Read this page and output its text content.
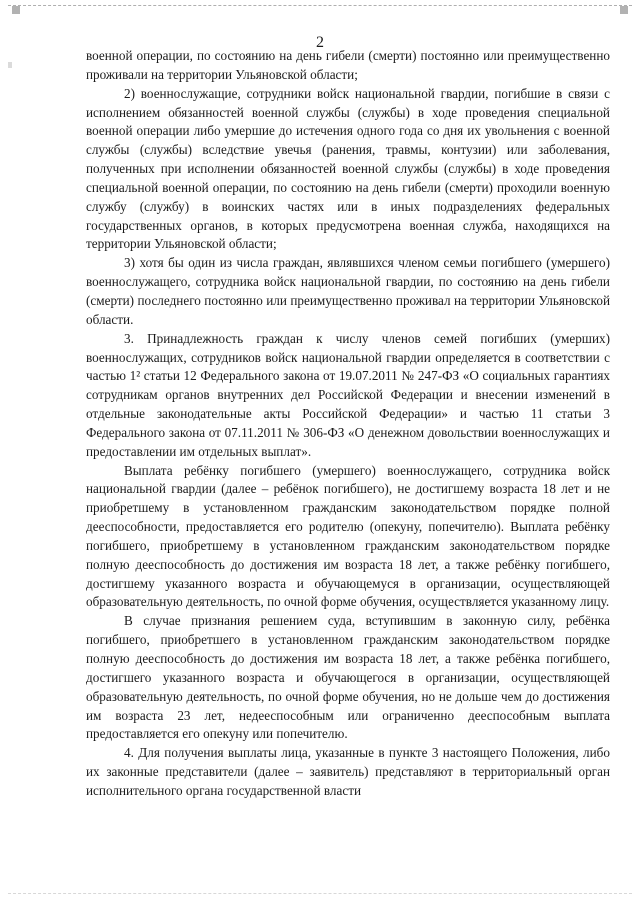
2

военной операции, по состоянию на день гибели (смерти) постоянно или преимущественно проживали на территории Ульяновской области;

2) военнослужащие, сотрудники войск национальной гвардии, погибшие в связи с исполнением обязанностей военной службы (службы) в ходе проведения специальной военной операции либо умершие до истечения одного года со дня их увольнения с военной службы (службы) вследствие увечья (ранения, травмы, контузии) или заболевания, полученных при исполнении обязанностей военной службы (службы) в ходе проведения специальной военной операции, по состоянию на день гибели (смерти) проходили военную службу (службу) в воинских частях или в иных подразделениях федеральных государственных органов, в которых предусмотрена военная служба, находящихся на территории Ульяновской области;

3) хотя бы один из числа граждан, являвшихся членом семьи погибшего (умершего) военнослужащего, сотрудника войск национальной гвардии, по состоянию на день гибели (смерти) последнего постоянно или преимущественно проживал на территории Ульяновской области.

3. Принадлежность граждан к числу членов семей погибших (умерших) военнослужащих, сотрудников войск национальной гвардии определяется в соответствии с частью 1² статьи 12 Федерального закона от 19.07.2011 № 247-ФЗ «О социальных гарантиях сотрудникам органов внутренних дел Российской Федерации и внесении изменений в отдельные законодательные акты Российской Федерации» и частью 11 статьи 3 Федерального закона от 07.11.2011 № 306-ФЗ «О денежном довольствии военнослужащих и предоставлении им отдельных выплат».

Выплата ребёнку погибшего (умершего) военнослужащего, сотрудника войск национальной гвардии (далее – ребёнок погибшего), не достигшему возраста 18 лет и не приобретшему в установленном гражданским законодательством порядке полной дееспособности, предоставляется его родителю (опекуну, попечителю). Выплата ребёнку погибшего, приобретшему в установленном гражданским законодательством порядке полную дееспособность до достижения им возраста 18 лет, а также ребёнку погибшего, достигшему указанного возраста и обучающемуся в организации, осуществляющей образовательную деятельность, по очной форме обучения, осуществляется указанному лицу.

В случае признания решением суда, вступившим в законную силу, ребёнка погибшего, приобретшего в установленном гражданским законодательством порядке полную дееспособность до достижения им возраста 18 лет, а также ребёнка погибшего, достигшего указанного возраста и обучающегося в организации, осуществляющей образовательную деятельность, по очной форме обучения, но не дольше чем до достижения им возраста 23 лет, недееспособным или ограниченно дееспособным выплата предоставляется его опекуну или попечителю.

4. Для получения выплаты лица, указанные в пункте 3 настоящего Положения, либо их законные представители (далее – заявитель) представляют в территориальный орган исполнительного органа государственной власти
